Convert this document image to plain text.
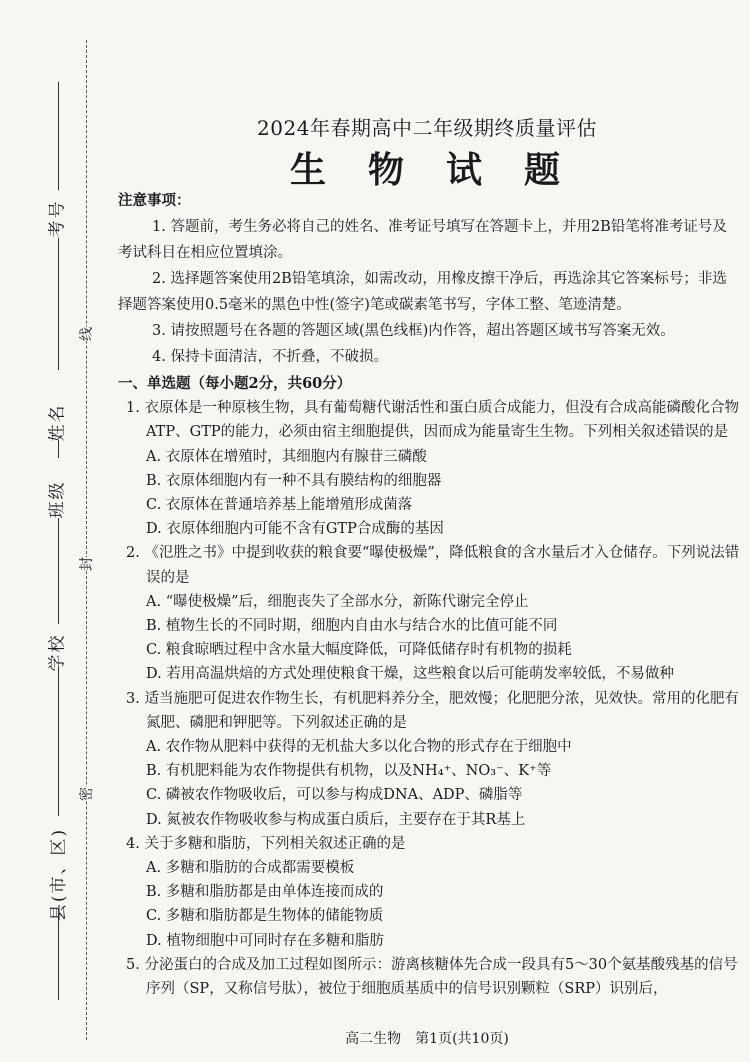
考号
姓名
班级
学校
县(市、区)
线
封
密
2024年春期高中二年级期终质量评估
生物试题

注意事项：

1. 答题前，考生务必将自己的姓名、准考证号填写在答题卡上，并用2B铅笔将准考证号及考试科目在相应位置填涂。

2. 选择题答案使用2B铅笔填涂，如需改动，用橡皮擦干净后，再选涂其它答案标号；非选择题答案使用0.5毫米的黑色中性(签字)笔或碳素笔书写，字体工整、笔迹清楚。

3. 请按照题号在各题的答题区域(黑色线框)内作答，超出答题区域书写答案无效。

4. 保持卡面清洁，不折叠，不破损。

一、单选题（每小题2分，共60分）

1. 衣原体是一种原核生物，具有葡萄糖代谢活性和蛋白质合成能力，但没有合成高能磷酸化合物ATP、GTP的能力，必须由宿主细胞提供，因而成为能量寄生生物。下列相关叙述错误的是

A. 衣原体在增殖时，其细胞内有腺苷三磷酸

B. 衣原体细胞内有一种不具有膜结构的细胞器

C. 衣原体在普通培养基上能增殖形成菌落

D. 衣原体细胞内可能不含有GTP合成酶的基因

2. 《氾胜之书》中提到收获的粮食要“曝使极燥”，降低粮食的含水量后才入仓储存。下列说法错误的是

A. “曝使极燥”后，细胞丧失了全部水分，新陈代谢完全停止

B. 植物生长的不同时期，细胞内自由水与结合水的比值可能不同

C. 粮食晾晒过程中含水量大幅度降低，可降低储存时有机物的损耗

D. 若用高温烘焙的方式处理使粮食干燥，这些粮食以后可能萌发率较低，不易做种

3. 适当施肥可促进农作物生长，有机肥料养分全，肥效慢；化肥肥分浓，见效快。常用的化肥有氮肥、磷肥和钾肥等。下列叙述正确的是

A. 农作物从肥料中获得的无机盐大多以化合物的形式存在于细胞中

B. 有机肥料能为农作物提供有机物，以及NH₄⁺、NO₃⁻、K⁺等

C. 磷被农作物吸收后，可以参与构成DNA、ADP、磷脂等

D. 氮被农作物吸收参与构成蛋白质后，主要存在于其R基上

4. 关于多糖和脂肪，下列相关叙述正确的是

A. 多糖和脂肪的合成都需要模板

B. 多糖和脂肪都是由单体连接而成的

C. 多糖和脂肪都是生物体的储能物质

D. 植物细胞中可同时存在多糖和脂肪

5. 分泌蛋白的合成及加工过程如图所示：游离核糖体先合成一段具有5～30个氨基酸残基的信号序列（SP，又称信号肽），被位于细胞质基质中的信号识别颗粒（SRP）识别后，

高二生物　第1页(共10页)
